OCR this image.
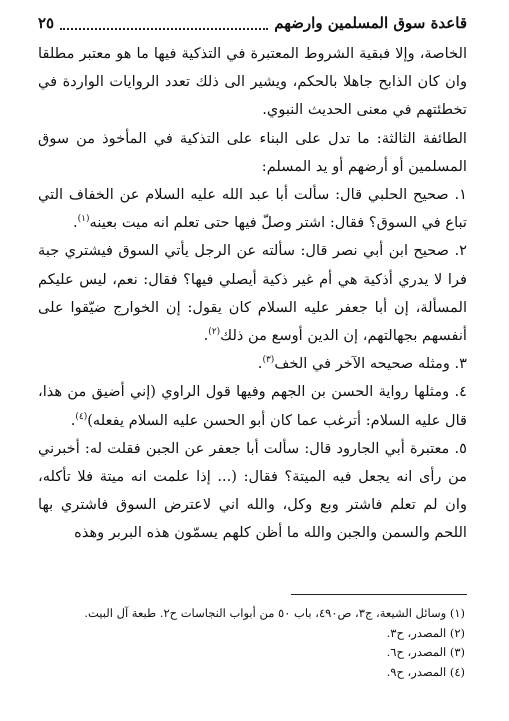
قاعدة سوق المسلمين وارضهم
٢٥

الخاصة، وإلا فبقية الشروط المعتبرة في التذكية فيها ما هو معتبر مطلقا وان كان الذابح جاهلا بالحكم، ويشير الى ذلك تعدد الروايات الواردة في تخطئتهم في معنى الحديث النبوي.

الطائفة الثالثة: ما تدل على البناء على التذكية في المأخوذ من سوق المسلمين أو أرضهم أو يد المسلم:

١. صحيح الحلبي قال: سألت أبا عبد الله عليه السلام عن الخفاف التي تباع في السوق؟ فقال: اشتر وصلّ فيها حتى تعلم انه ميت بعينه$^{(١)}$.

٢. صحيح ابن أبي نصر قال: سألته عن الرجل يأتي السوق فيشتري جبة فرا لا يدري أذكية هي أم غير ذكية أيصلي فيها؟ فقال: نعم، ليس عليكم المسألة، إن أبا جعفر عليه السلام كان يقول: إن الخوارج ضيّقوا على أنفسهم بجهالتهم، إن الدين أوسع من ذلك$^{(٢)}$.

٣. ومثله صحيحه الآخر في الخف$^{(٣)}$.

٤. ومثلها رواية الحسن بن الجهم وفيها قول الراوي (إني أضيق من هذا، قال عليه السلام: أترغب عما كان أبو الحسن عليه السلام يفعله)$^{(٤)}$.

٥. معتبرة أبي الجارود قال: سألت أبا جعفر عن الجبن فقلت له: أخبرني من رأى انه يجعل فيه الميتة؟ فقال: (... إذا علمت انه ميتة فلا تأكله، وان لم تعلم فاشتر وبع وكل، والله اني لاعترض السوق فاشتري بها اللحم والسمن والجبن والله ما أظن كلهم يسمّون هذه البربر وهذه

(١) وسائل الشيعة، ج٣، ص٤٩٠، باب ٥٠ من أبواب النجاسات ح٢. طبعة آل البيت.
(٢) المصدر، ح٣.
(٣) المصدر، ح٦.
(٤) المصدر، ح٩.
